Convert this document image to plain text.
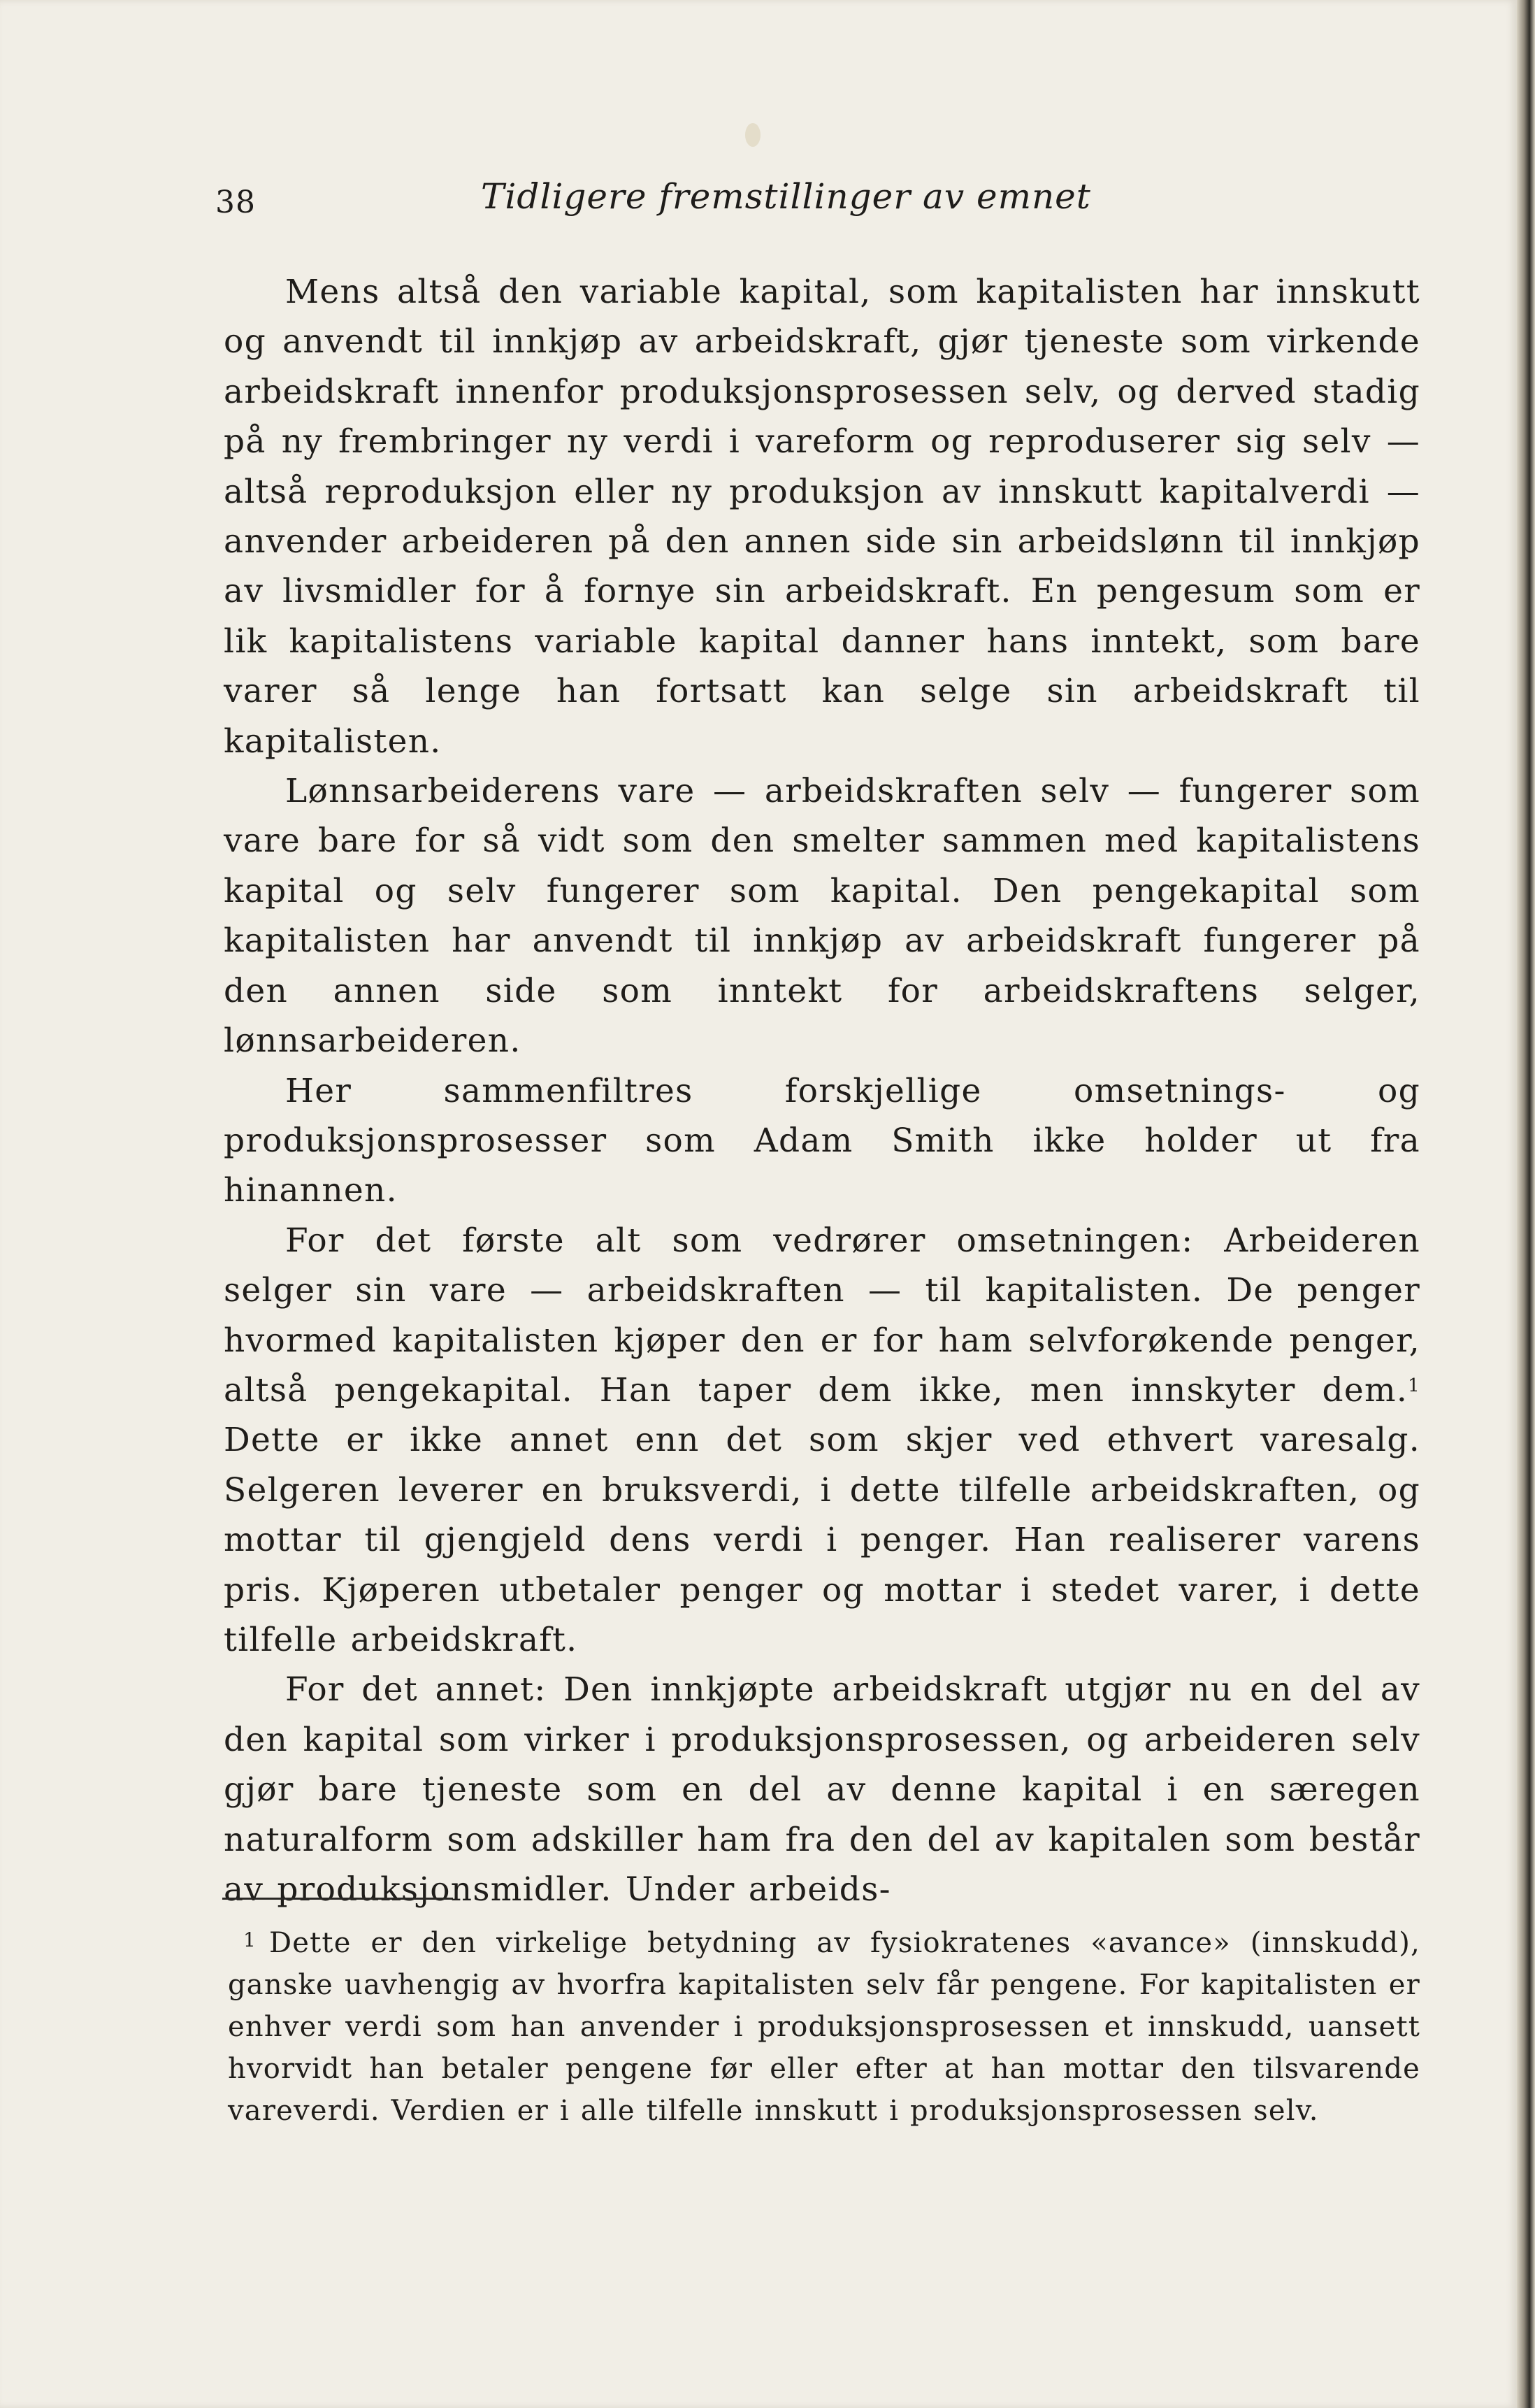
38	Tidligere fremstillinger av emnet

Mens altså den variable kapital, som kapitalisten har innskutt og anvendt til innkjøp av arbeidskraft, gjør tjeneste som virkende arbeidskraft innenfor produksjonsprosessen selv, og derved stadig på ny frembringer ny verdi i vareform og reproduserer sig selv — altså reproduksjon eller ny produksjon av innskutt kapitalverdi — anvender arbeideren på den annen side sin arbeidslønn til innkjøp av livsmidler for å fornye sin arbeidskraft. En pengesum som er lik kapitalistens variable kapital danner hans inntekt, som bare varer så lenge han fortsatt kan selge sin arbeidskraft til kapitalisten.

Lønnsarbeiderens vare — arbeidskraften selv — fungerer som vare bare for så vidt som den smelter sammen med kapitalistens kapital og selv fungerer som kapital. Den pengekapital som kapitalisten har anvendt til innkjøp av arbeidskraft fungerer på den annen side som inntekt for arbeidskraftens selger, lønnsarbeideren.

Her sammenfiltres forskjellige omsetnings- og produksjonsprosesser som Adam Smith ikke holder ut fra hinannen.

For det første alt som vedrører omsetningen: Arbeideren selger sin vare — arbeidskraften — til kapitalisten. De penger hvormed kapitalisten kjøper den er for ham selvforøkende penger, altså pengekapital. Han taper dem ikke, men innskyter dem.$^1$ Dette er ikke annet enn det som skjer ved ethvert varesalg. Selgeren leverer en bruksverdi, i dette tilfelle arbeidskraften, og mottar til gjengjeld dens verdi i penger. Han realiserer varens pris. Kjøperen utbetaler penger og mottar i stedet varer, i dette tilfelle arbeidskraft.

For det annet: Den innkjøpte arbeidskraft utgjør nu en del av den kapital som virker i produksjonsprosessen, og arbeideren selv gjør bare tjeneste som en del av denne kapital i en særegen naturalform som adskiller ham fra den del av kapitalen som består av produksjonsmidler. Under arbeids-

$^1$ Dette er den virkelige betydning av fysiokratenes «avance» (innskudd), ganske uavhengig av hvorfra kapitalisten selv får pengene. For kapitalisten er enhver verdi som han anvender i produksjonsprosessen et innskudd, uansett hvorvidt han betaler pengene før eller efter at han mottar den tilsvarende vareverdi. Verdien er i alle tilfelle innskutt i produksjonsprosessen selv.
